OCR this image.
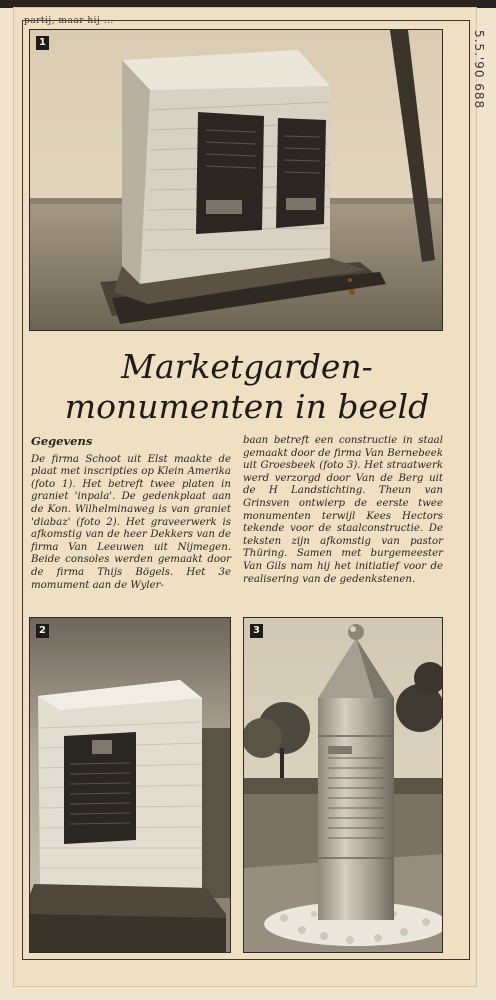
partij, maar hij ...
1
Marketgarden-
monumenten in beeld
Gegevens

De firma Schoot uit Elst maakte de plaat met inscripties op Klein Amerika (foto 1). Het betreft twee platen in graniet 'inpala'. De gedenkplaat aan de Kon. Wilhelminaweg is van graniet 'diabaz' (foto 2). Het graveerwerk is afkomstig van de heer Dekkers van de firma Van Leeuwen uit Nijmegen. Beide consoles werden gemaakt door de firma Thijs Bögels. Het 3e momument aan de Wyler-

baan betreft een constructie in staal gemaakt door de firma Van Bernebeek uit Groesbeek (foto 3). Het straatwerk werd verzorgd door Van de Berg uit de H Landstichting. Theun van Grinsven ontwierp de eerste twee monumenten terwijl Kees Hectors tekende voor de staalconstructie. De teksten zijn afkomstig van pastor Thüring. Samen met burgemeester Van Gils nam hij het initiatief voor de realisering van de gedenkstenen.

2	3
5.5.'90 688
